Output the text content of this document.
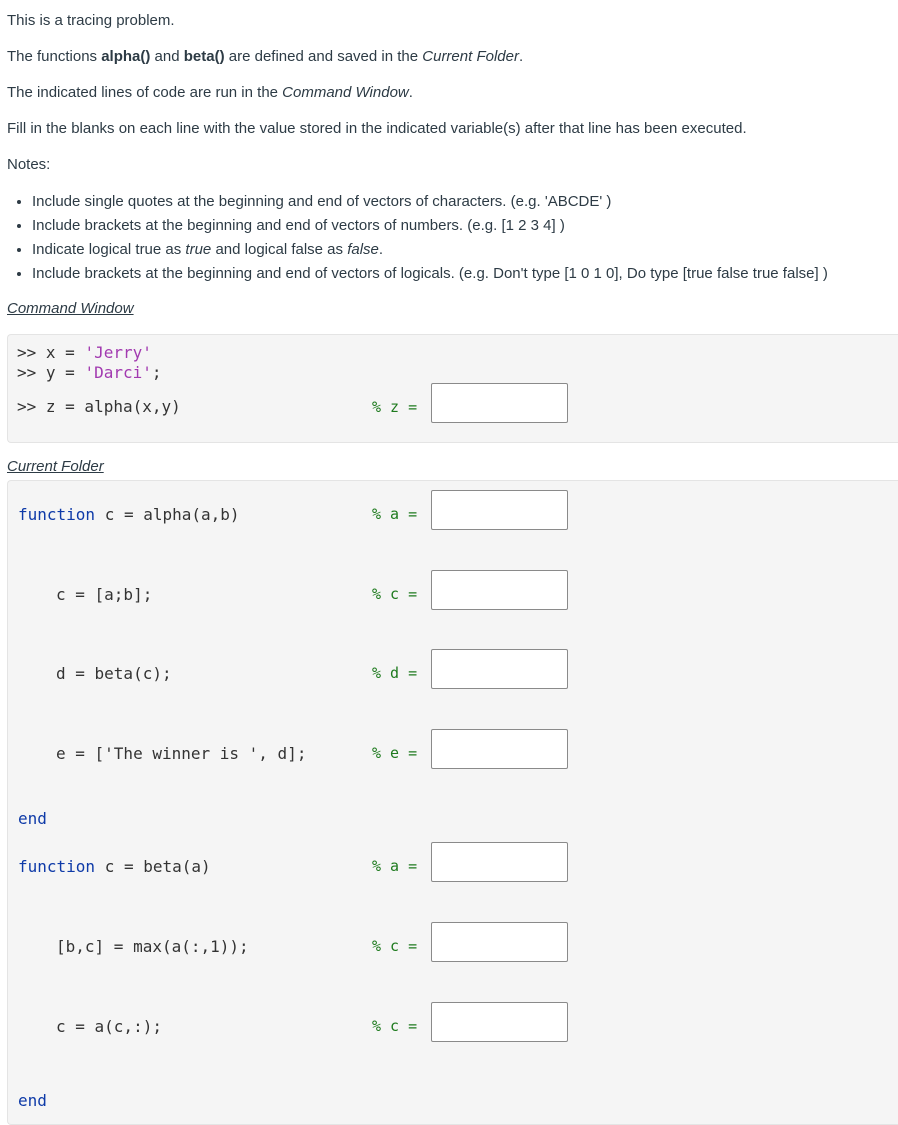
This is a tracing problem.

The functions alpha() and beta() are defined and saved in the Current Folder.

The indicated lines of code are run in the Command Window.

Fill in the blanks on each line with the value stored in the indicated variable(s) after that line has been executed.

Notes:

• Include single quotes at the beginning and end of vectors of characters. (e.g. 'ABCDE' )
• Include brackets at the beginning and end of vectors of numbers. (e.g. [1 2 3 4] )
• Indicate logical true as true and logical false as false.
• Include brackets at the beginning and end of vectors of logicals. (e.g. Don't type [1 0 1 0], Do type [true false true false] )

Command Window

>> x = 'Jerry'
>> y = 'Darci';
>> z = alpha(x,y)	% z =

Current Folder

function c = alpha(a,b)
c = [a;b];
d = beta(c);
e = ['The winner is ', d];
end
function c = beta(a)
[b,c] = max(a(:,1));
c = a(c,:);
end
% a =
% c =
% d =
% e =
% a =
% c =
% c =
